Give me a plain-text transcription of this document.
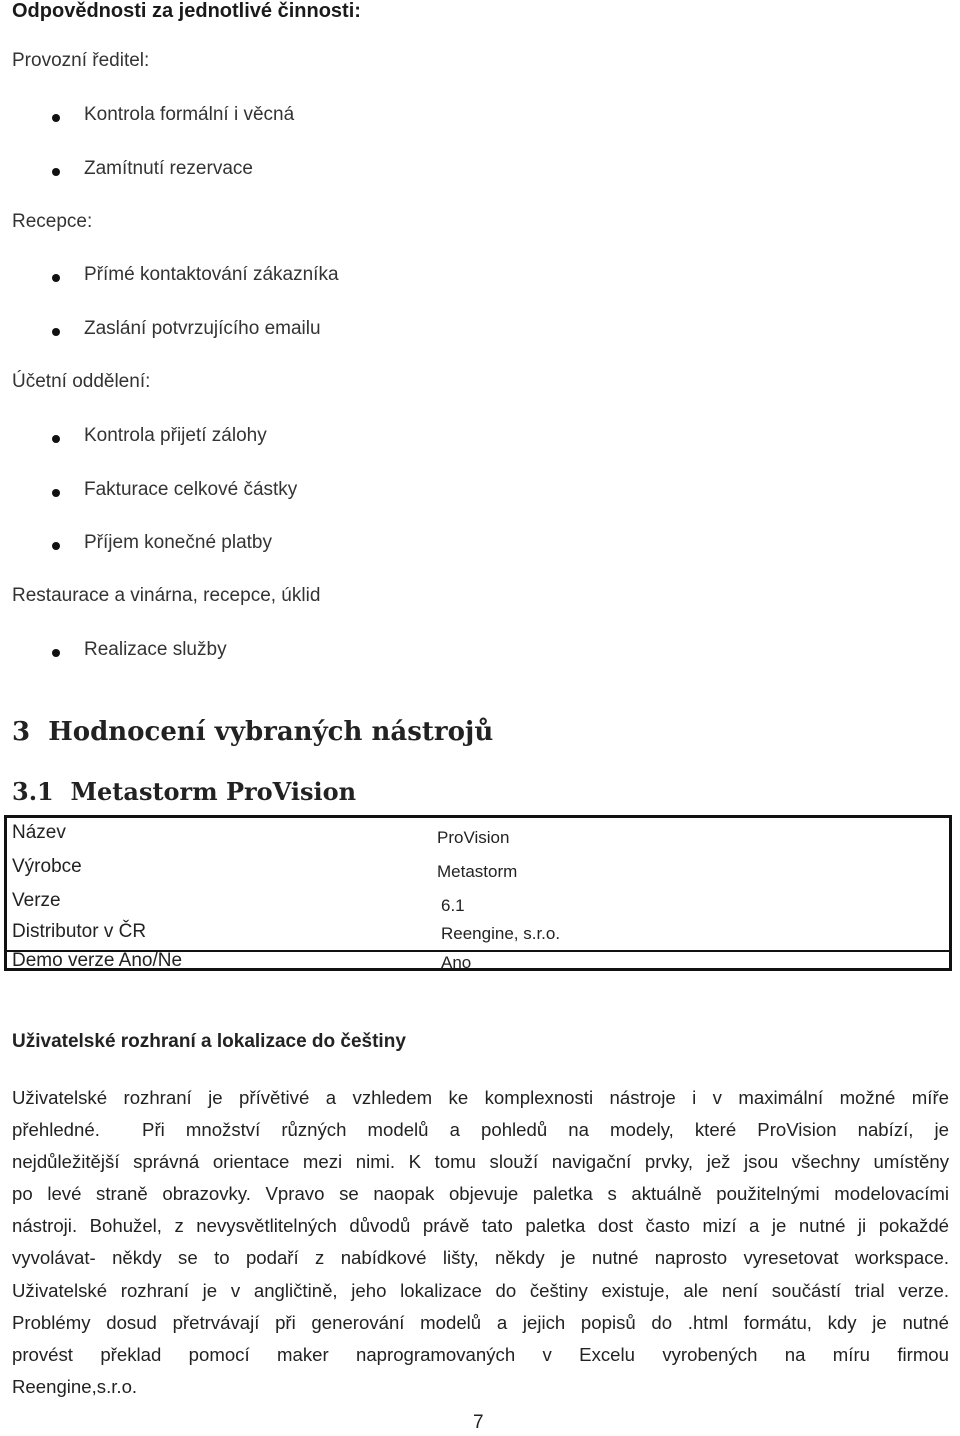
Odpovědnosti za jednotlivé činnosti:
Provozní ředitel:
Kontrola formální i věcná
Zamítnutí rezervace
Recepce:
Přímé kontaktování zákazníka
Zaslání potvrzujícího emailu
Účetní oddělení:
Kontrola přijetí zálohy
Fakturace celkové částky
Příjem konečné platby
Restaurace a vinárna, recepce, úklid
Realizace služby
3  Hodnocení vybraných nástrojů
3.1  Metastorm ProVision
Název	ProVision
Výrobce	Metastorm
Verze	6.1
Distributor v ČR	Reengine, s.r.o.
Demo verze Ano/Ne	Ano
Uživatelské rozhraní a lokalizace do češtiny
Uživatelské rozhraní je přívětivé a vzhledem ke komplexnosti nástroje i v maximální možné míře
přehledné.  Při množství různých modelů a pohledů na modely, které ProVision nabízí, je
nejdůležitější správná orientace mezi nimi. K tomu slouží navigační prvky, jež jsou všechny umístěny
po levé straně obrazovky. Vpravo se naopak objevuje paletka s aktuálně použitelnými modelovacími
nástroji. Bohužel, z nevysvětlitelných důvodů právě tato paletka dost často mizí a je nutné ji pokaždé
vyvolávat- někdy se to podaří z nabídkové lišty, někdy je nutné naprosto vyresetovat workspace.
Uživatelské rozhraní je v angličtině, jeho lokalizace do češtiny existuje, ale není součástí trial verze.
Problémy dosud přetrvávají při generování modelů a jejich popisů do .html formátu, kdy je nutné
provést překlad pomocí maker naprogramovaných v Excelu vyrobených na míru firmou
Reengine,s.r.o.
7
